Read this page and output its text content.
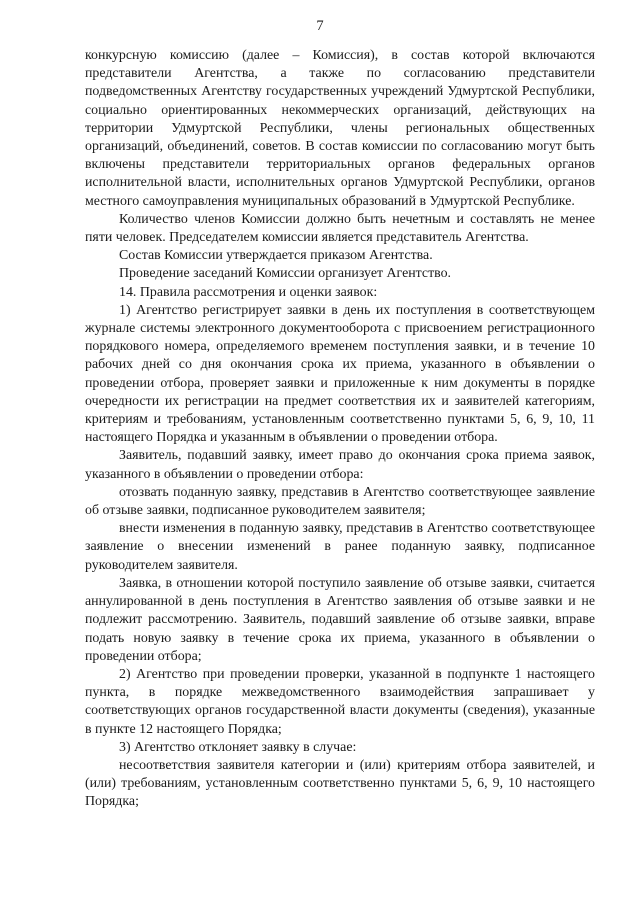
7

конкурсную комиссию (далее – Комиссия), в состав которой включаются представители Агентства, а также по согласованию представители подведомственных Агентству государственных учреждений Удмуртской Республики, социально ориентированных некоммерческих организаций, действующих на территории Удмуртской Республики, члены региональных общественных организаций, объединений, советов. В состав комиссии по согласованию могут быть включены представители территориальных органов федеральных органов исполнительной власти, исполнительных органов Удмуртской Республики, органов местного самоуправления муниципальных образований в Удмуртской Республике.

Количество членов Комиссии должно быть нечетным и составлять не менее пяти человек. Председателем комиссии является представитель Агентства.

Состав Комиссии утверждается приказом Агентства.

Проведение заседаний Комиссии организует Агентство.

14. Правила рассмотрения и оценки заявок:

1) Агентство регистрирует заявки в день их поступления в соответствующем журнале системы электронного документооборота с присвоением регистрационного порядкового номера, определяемого временем поступления заявки, и в течение 10 рабочих дней со дня окончания срока их приема, указанного в объявлении о проведении отбора, проверяет заявки и приложенные к ним документы в порядке очередности их регистрации на предмет соответствия их и заявителей категориям, критериям и требованиям, установленным соответственно пунктами 5, 6, 9, 10, 11 настоящего Порядка и указанным в объявлении о проведении отбора.

Заявитель, подавший заявку, имеет право до окончания срока приема заявок, указанного в объявлении о проведении отбора:

отозвать поданную заявку, представив в Агентство соответствующее заявление об отзыве заявки, подписанное руководителем заявителя;

внести изменения в поданную заявку, представив в Агентство соответствующее заявление о внесении изменений в ранее поданную заявку, подписанное руководителем заявителя.

Заявка, в отношении которой поступило заявление об отзыве заявки, считается аннулированной в день поступления в Агентство заявления об отзыве заявки и не подлежит рассмотрению. Заявитель, подавший заявление об отзыве заявки, вправе подать новую заявку в течение срока их приема, указанного в объявлении о проведении отбора;

2) Агентство при проведении проверки, указанной в подпункте 1 настоящего пункта, в порядке межведомственного взаимодействия запрашивает у соответствующих органов государственной власти документы (сведения), указанные в пункте 12 настоящего Порядка;

3) Агентство отклоняет заявку в случае:

несоответствия заявителя категории и (или) критериям отбора заявителей, и (или) требованиям, установленным соответственно пунктами 5, 6, 9, 10 настоящего Порядка;
